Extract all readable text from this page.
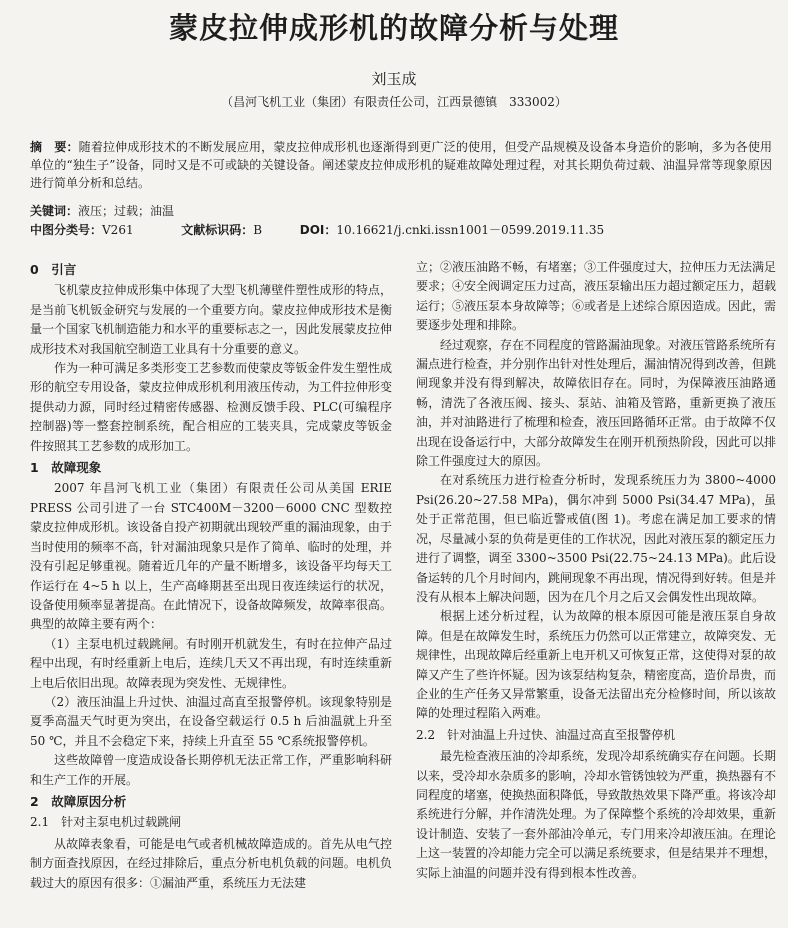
蒙皮拉伸成形机的故障分析与处理
刘玉成
（昌河飞机工业（集团）有限责任公司，江西景德镇　333002）
摘　要：随着拉伸成形技术的不断发展应用，蒙皮拉伸成形机也逐渐得到更广泛的使用，但受产品规模及设备本身造价的影响，多为各使用单位的“独生子”设备，同时又是不可或缺的关键设备。阐述蒙皮拉伸成形机的疑难故障处理过程，对其长期负荷过载、油温异常等现象原因进行简单分析和总结。
关键词：液压；过载；油温
中图分类号：V261	文献标识码：B	DOI：10.16621/j.cnki.issn1001－0599.2019.11.35
0　引言

飞机蒙皮拉伸成形集中体现了大型飞机薄壁件塑性成形的特点，是当前飞机钣金研究与发展的一个重要方向。蒙皮拉伸成形技术是衡量一个国家飞机制造能力和水平的重要标志之一，因此发展蒙皮拉伸成形技术对我国航空制造工业具有十分重要的意义。

作为一种可满足多类形变工艺参数而使蒙皮等钣金件发生塑性成形的航空专用设备，蒙皮拉伸成形机利用液压传动，为工件拉伸形变提供动力源，同时经过精密传感器、检测反馈手段、PLC(可编程序控制器)等一整套控制系统，配合相应的工装夹具，完成蒙皮等钣金件按照其工艺参数的成形加工。

1　故障现象

2007 年昌河飞机工业（集团）有限责任公司从美国 ERIE PRESS 公司引进了一台 STC400M－3200－6000 CNC 型数控蒙皮拉伸成形机。该设备自投产初期就出现较严重的漏油现象，由于当时使用的频率不高，针对漏油现象只是作了简单、临时的处理，并没有引起足够重视。随着近几年的产量不断增多，该设备平均每天工作运行在 4~5 h 以上，生产高峰期甚至出现日夜连续运行的状况，设备使用频率显著提高。在此情况下，设备故障频发，故障率很高。典型的故障主要有两个：

（1）主泵电机过载跳闸。有时刚开机就发生，有时在拉伸产品过程中出现，有时经重新上电后，连续几天又不再出现，有时连续重新上电后依旧出现。故障表现为突发性、无规律性。

（2）液压油温上升过快、油温过高直至报警停机。该现象特别是夏季高温天气时更为突出，在设备空载运行 0.5 h 后油温就上升至 50 ℃，并且不会稳定下来，持续上升直至 55 ℃系统报警停机。

这些故障曾一度造成设备长期停机无法正常工作，严重影响科研和生产工作的开展。

2　故障原因分析
2.1　针对主泵电机过载跳闸

从故障表象看，可能是电气或者机械故障造成的。首先从电气控制方面查找原因，在经过排除后，重点分析电机负载的问题。电机负载过大的原因有很多：①漏油严重，系统压力无法建

立；②液压油路不畅，有堵塞；③工件强度过大，拉伸压力无法满足要求；④安全阀调定压力过高，液压泵输出压力超过额定压力，超载运行；⑤液压泵本身故障等；⑥或者是上述综合原因造成。因此，需要逐步处理和排除。

经过观察，存在不同程度的管路漏油现象。对液压管路系统所有漏点进行检查，并分别作出针对性处理后，漏油情况得到改善，但跳闸现象并没有得到解决，故障依旧存在。同时，为保障液压油路通畅，清洗了各液压阀、接头、泵站、油箱及管路，重新更换了液压油，并对油路进行了梳理和检查，液压回路循环正常。由于故障不仅出现在设备运行中，大部分故障发生在刚开机预热阶段，因此可以排除工件强度过大的原因。

在对系统压力进行检查分析时，发现系统压力为 3800~4000 Psi(26.20~27.58 MPa)，偶尔冲到 5000 Psi(34.47 MPa)，虽处于正常范围，但已临近警戒值(图 1)。考虑在满足加工要求的情况，尽量减小泵的负荷是更佳的工作状况，因此对液压泵的额定压力进行了调整，调至 3300~3500 Psi(22.75~24.13 MPa)。此后设备运转的几个月时间内，跳闸现象不再出现，情况得到好转。但是并没有从根本上解决问题，因为在几个月之后又会偶发性出现故障。

根据上述分析过程，认为故障的根本原因可能是液压泵自身故障。但是在故障发生时，系统压力仍然可以正常建立，故障突发、无规律性，出现故障后经重新上电开机又可恢复正常，这使得对泵的故障又产生了些许怀疑。因为该泵结构复杂，精密度高，造价昂贵，而企业的生产任务又异常繁重，设备无法留出充分检修时间，所以该故障的处理过程陷入两难。

2.2　针对油温上升过快、油温过高直至报警停机

最先检查液压油的冷却系统，发现冷却系统确实存在问题。长期以来，受冷却水杂质多的影响，冷却水管锈蚀较为严重，换热器有不同程度的堵塞，使换热面积降低，导致散热效果下降严重。将该冷却系统进行分解，并作清洗处理。为了保障整个系统的冷却效果，重新设计制造、安装了一套外部油冷单元，专门用来冷却液压油。在理论上这一装置的冷却能力完全可以满足系统要求，但是结果并不理想，实际上油温的问题并没有得到根本性改善。
